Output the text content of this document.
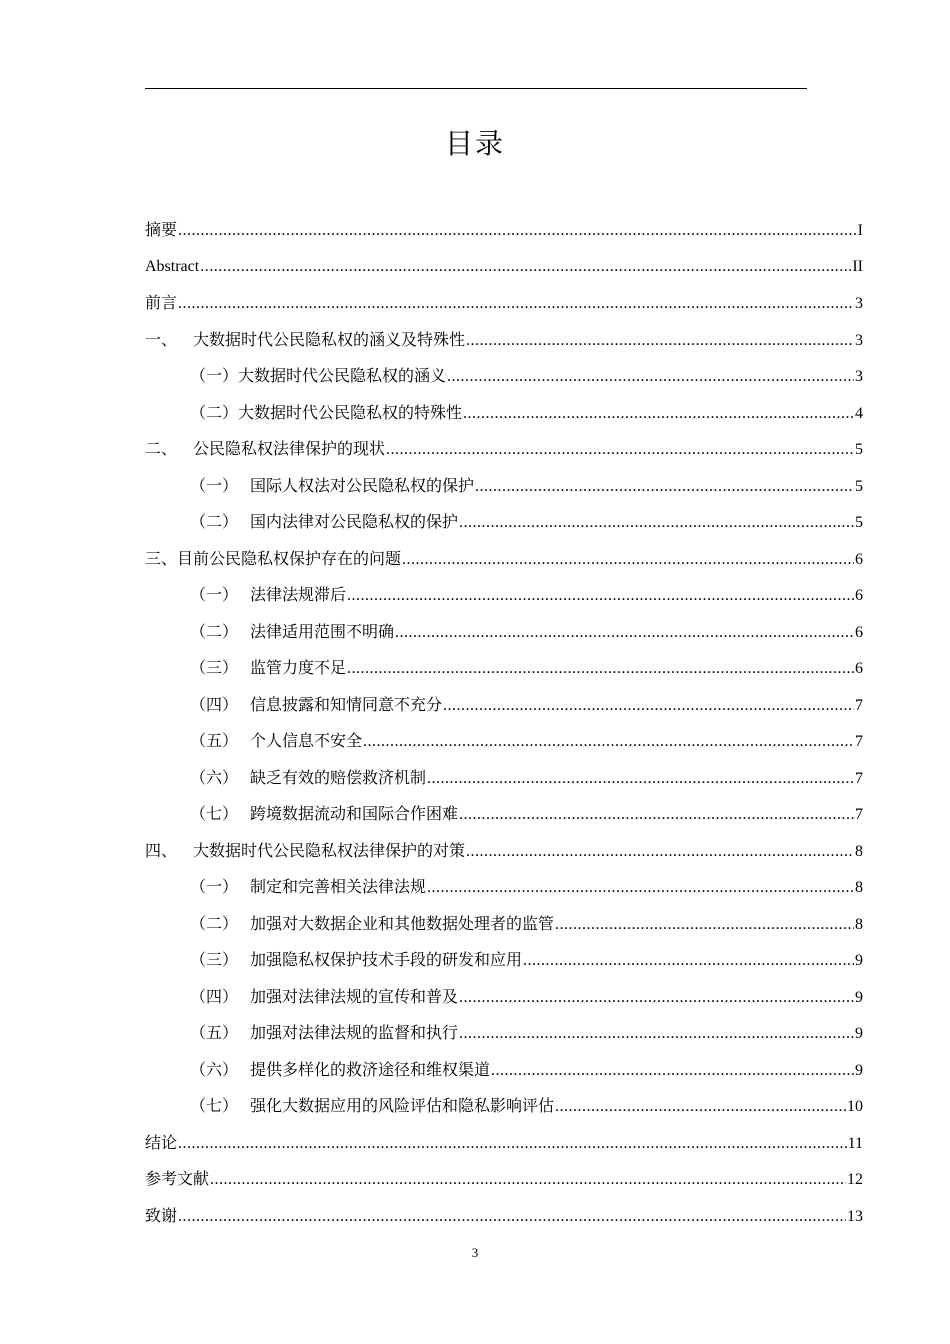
目录
摘要 .....	I
Abstract .....	II
前言 .....	3
一、 大数据时代公民隐私权的涵义及特殊性 .....	3
（一）大数据时代公民隐私权的涵义 .....	3
（二）大数据时代公民隐私权的特殊性 .....	4
二、 公民隐私权法律保护的现状 .....	5
（一） 国际人权法对公民隐私权的保护 .....	5
（二） 国内法律对公民隐私权的保护 .....	5
三、目前公民隐私权保护存在的问题 .....	6
（一） 法律法规滞后 .....	6
（二） 法律适用范围不明确 .....	6
（三） 监管力度不足 .....	6
（四） 信息披露和知情同意不充分 .....	7
（五） 个人信息不安全 .....	7
（六） 缺乏有效的赔偿救济机制 .....	7
（七） 跨境数据流动和国际合作困难 .....	7
四、 大数据时代公民隐私权法律保护的对策 .....	8
（一） 制定和完善相关法律法规 .....	8
（二） 加强对大数据企业和其他数据处理者的监管 .....	8
（三） 加强隐私权保护技术手段的研发和应用 .....	9
（四） 加强对法律法规的宣传和普及 .....	9
（五） 加强对法律法规的监督和执行 .....	9
（六） 提供多样化的救济途径和维权渠道 .....	9
（七） 强化大数据应用的风险评估和隐私影响评估 .....	10
结论 .....	11
参考文献 .....	12
致谢 .....	13
3
